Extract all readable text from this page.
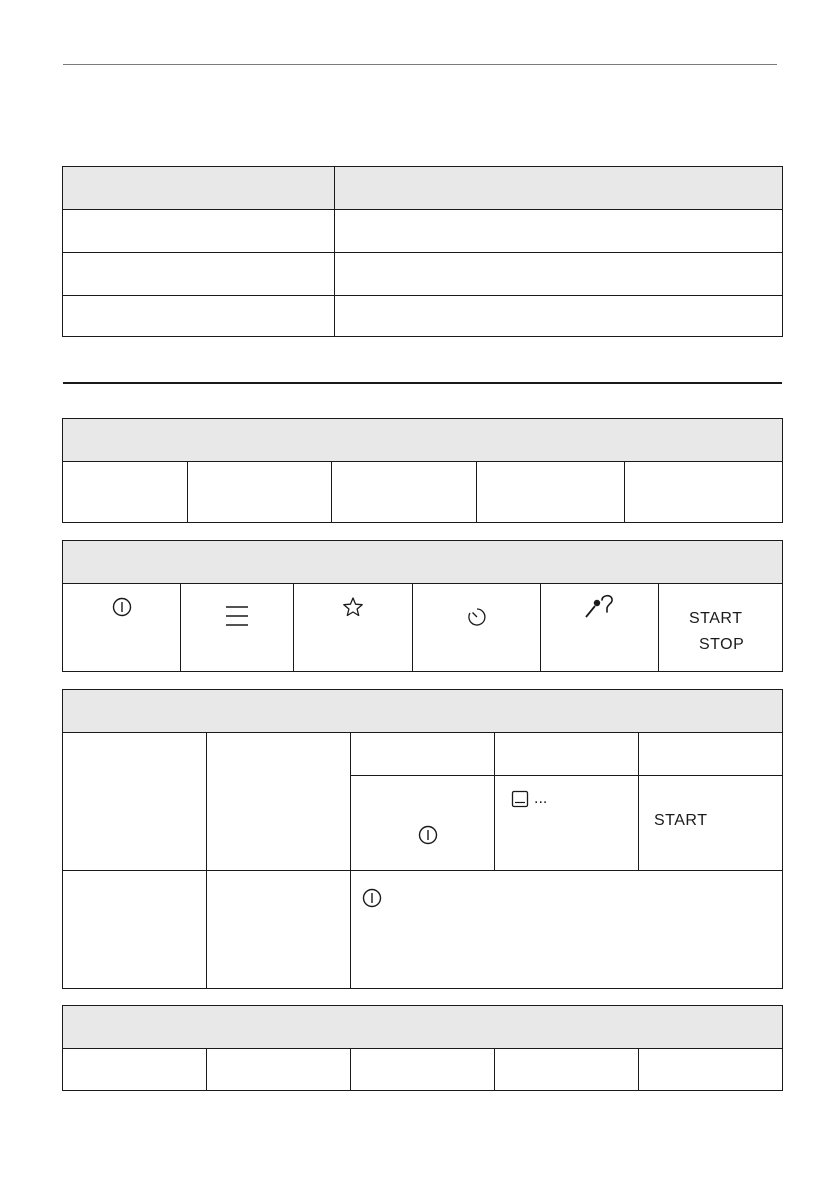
START
STOP

...	START
